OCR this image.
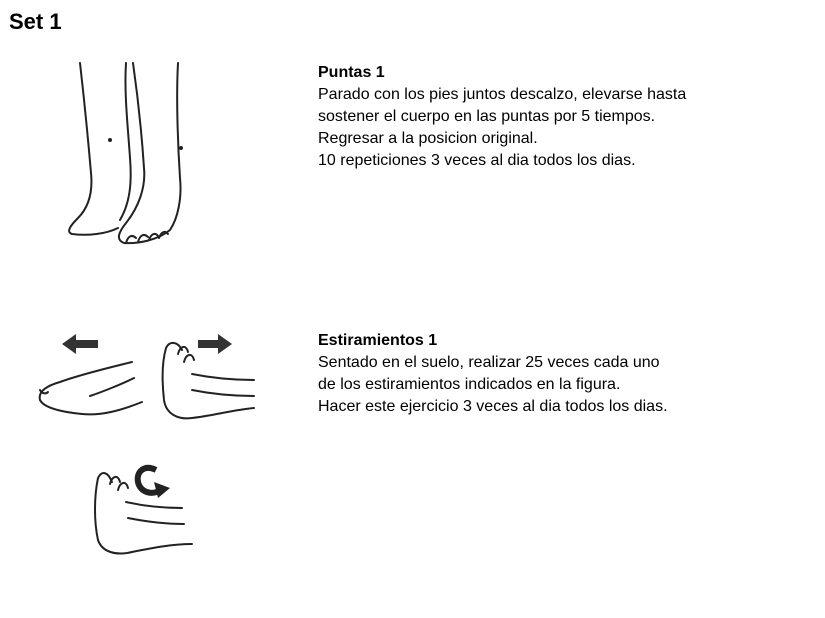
Set 1

Puntas 1

Parado con los pies juntos descalzo, elevarse hasta

sostener el cuerpo en las puntas por 5 tiempos.

Regresar a la posicion original.

10 repeticiones 3 veces al dia todos los dias.

Estiramientos 1

Sentado en el suelo, realizar 25 veces cada uno

de los estiramientos indicados en la figura.

Hacer este ejercicio 3 veces al dia todos los dias.
